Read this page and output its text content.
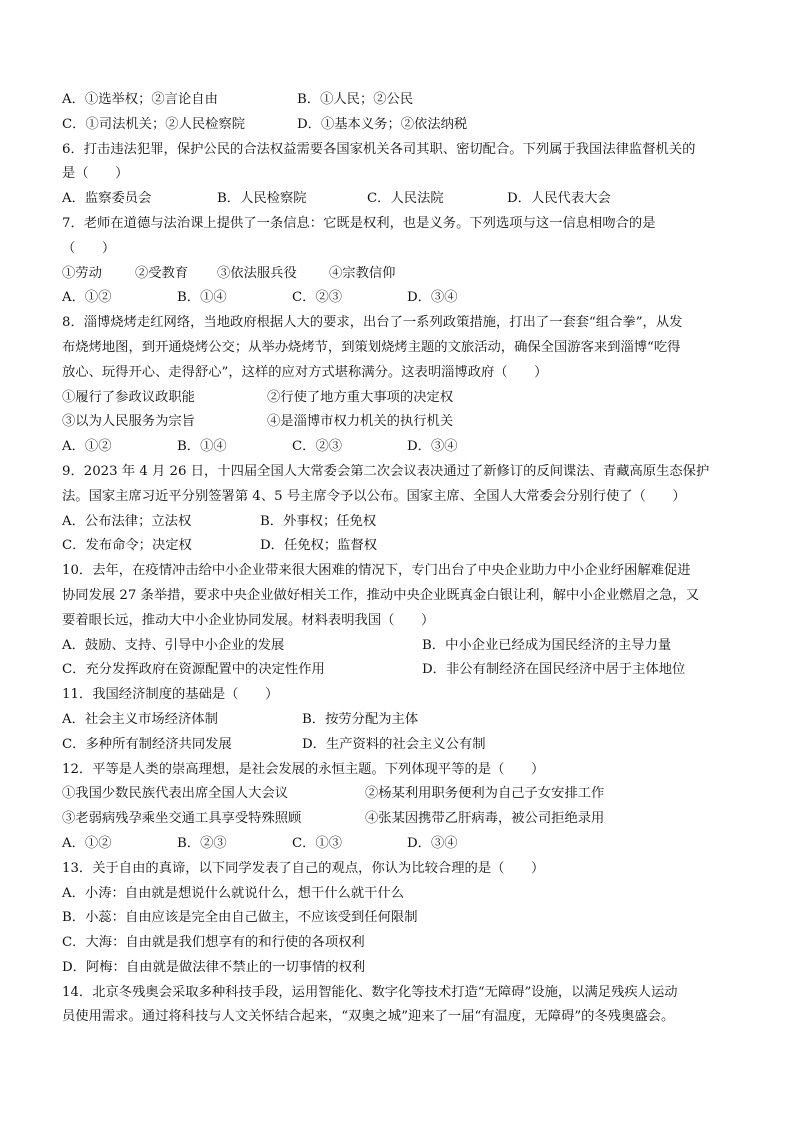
A．①选举权；②言论自由	B．①人民；②公民
C．①司法机关；②人民检察院	D．①基本义务；②依法纳税
6．打击违法犯罪，保护公民的合法权益需要各国家机关各司其职、密切配合。下列属于我国法律监督机关的
是（　　）
A．监察委员会	B．人民检察院	C．人民法院	D．人民代表大会
7．老师在道德与法治课上提供了一条信息：它既是权利，也是义务。下列选项与这一信息相吻合的是
（　　）
①劳动	②受教育	③依法服兵役	④宗教信仰
A．①②	B．①④	C．②③	D．③④
8．淄博烧烤走红网络，当地政府根据人大的要求，出台了一系列政策措施，打出了一套套“组合拳”，从发
布烧烤地图，到开通烧烤公交；从举办烧烤节，到策划烧烤主题的文旅活动，确保全国游客来到淄博“吃得
放心、玩得开心、走得舒心”，这样的应对方式堪称满分。这表明淄博政府（　　）
①履行了参政议政职能	②行使了地方重大事项的决定权
③以为人民服务为宗旨	④是淄博市权力机关的执行机关
A．①②	B．①④	C．②③	D．③④
9．2023 年 4 月 26 日，十四届全国人大常委会第二次会议表决通过了新修订的反间谍法、青藏高原生态保护
法。国家主席习近平分别签署第 4、5 号主席令予以公布。国家主席、全国人大常委会分别行使了（　　）
A．公布法律；立法权	B．外事权；任免权
C．发布命令；决定权	D．任免权；监督权
10．去年，在疫情冲击给中小企业带来很大困难的情况下，专门出台了中央企业助力中小企业纾困解难促进
协同发展 27 条举措，要求中央企业做好相关工作，推动中央企业既真金白银让利，解中小企业燃眉之急，又
要着眼长远，推动大中小企业协同发展。材料表明我国（　　）
A．鼓励、支持、引导中小企业的发展	B．中小企业已经成为国民经济的主导力量
C．充分发挥政府在资源配置中的决定性作用	D．非公有制经济在国民经济中居于主体地位
11．我国经济制度的基础是（　　）
A．社会主义市场经济体制	B．按劳分配为主体
C．多种所有制经济共同发展	D．生产资料的社会主义公有制
12．平等是人类的崇高理想，是社会发展的永恒主题。下列体现平等的是（　　）
①我国少数民族代表出席全国人大会议	②杨某利用职务便利为自己子女安排工作
③老弱病残孕乘坐交通工具享受特殊照顾	④张某因携带乙肝病毒，被公司拒绝录用
A．①②	B．②③	C．①③	D．③④
13．关于自由的真谛，以下同学发表了自己的观点，你认为比较合理的是（　　）
A．小涛：自由就是想说什么就说什么，想干什么就干什么
B．小蕊：自由应该是完全由自己做主，不应该受到任何限制
C．大海：自由就是我们想享有的和行使的各项权利
D．阿梅：自由就是做法律不禁止的一切事情的权利
14．北京冬残奥会采取多种科技手段，运用智能化、数字化等技术打造“无障碍”设施，以满足残疾人运动
员使用需求。通过将科技与人文关怀结合起来，“双奥之城”迎来了一届“有温度，无障碍”的冬残奥盛会。
